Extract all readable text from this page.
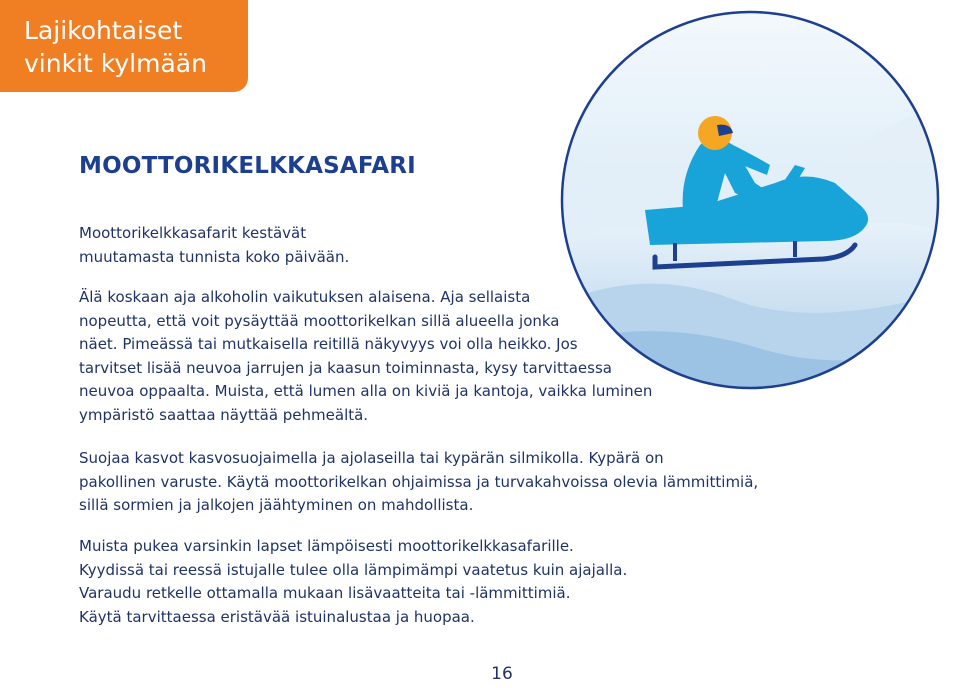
Lajikohtaiset
vinkit kylmään
MOOTTORIKELKKASAFARI
Moottorikelkkasafarit kestävät
muutamasta tunnista koko päivään.
Älä koskaan aja alkoholin vaikutuksen alaisena. Aja sellaista
nopeutta, että voit pysäyttää moottorikelkan sillä alueella jonka
näet. Pimeässä tai mutkaisella reitillä näkyvyys voi olla heikko. Jos
tarvitset lisää neuvoa jarrujen ja kaasun toiminnasta, kysy tarvittaessa
neuvoa oppaalta. Muista, että lumen alla on kiviä ja kantoja, vaikka luminen
ympäristö saattaa näyttää pehmeältä.
Suojaa kasvot kasvosuojaimella ja ajolaseilla tai kypärän silmikolla. Kypärä on
pakollinen varuste. Käytä moottorikelkan ohjaimissa ja turvakahvoissa olevia lämmittimiä,
sillä sormien ja jalkojen jäähtyminen on mahdollista.
Muista pukea varsinkin lapset lämpöisesti moottorikelkkasafarille.
Kyydissä tai reessä istujalle tulee olla lämpimämpi vaatetus kuin ajajalla.
Varaudu retkelle ottamalla mukaan lisävaatteita tai -lämmittimiä.
Käytä tarvittaessa eristävää istuinalustaa ja huopaa.
16
